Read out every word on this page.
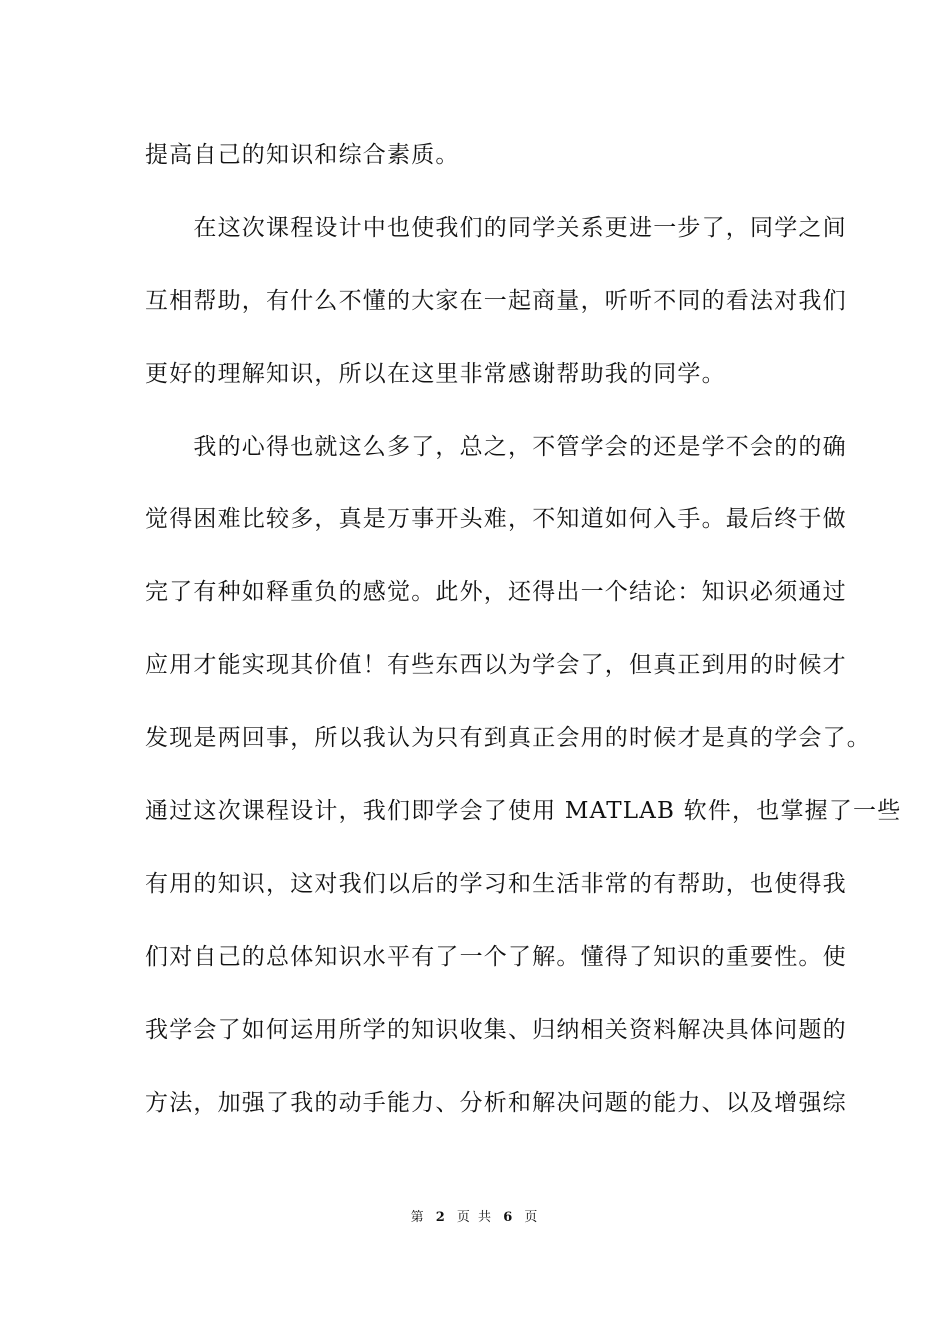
提高自己的知识和综合素质。
　　在这次课程设计中也使我们的同学关系更进一步了，同学之间
互相帮助，有什么不懂的大家在一起商量，听听不同的看法对我们
更好的理解知识，所以在这里非常感谢帮助我的同学。
　　我的心得也就这么多了，总之，不管学会的还是学不会的的确
觉得困难比较多，真是万事开头难，不知道如何入手。最后终于做
完了有种如释重负的感觉。此外，还得出一个结论：知识必须通过
应用才能实现其价值！有些东西以为学会了，但真正到用的时候才
发现是两回事，所以我认为只有到真正会用的时候才是真的学会了。
通过这次课程设计，我们即学会了使用 MATLAB 软件，也掌握了一些
有用的知识，这对我们以后的学习和生活非常的有帮助，也使得我
们对自己的总体知识水平有了一个了解。懂得了知识的重要性。使
我学会了如何运用所学的知识收集、归纳相关资料解决具体问题的
方法，加强了我的动手能力、分析和解决问题的能力、以及增强综
第 2 页 共 6 页
